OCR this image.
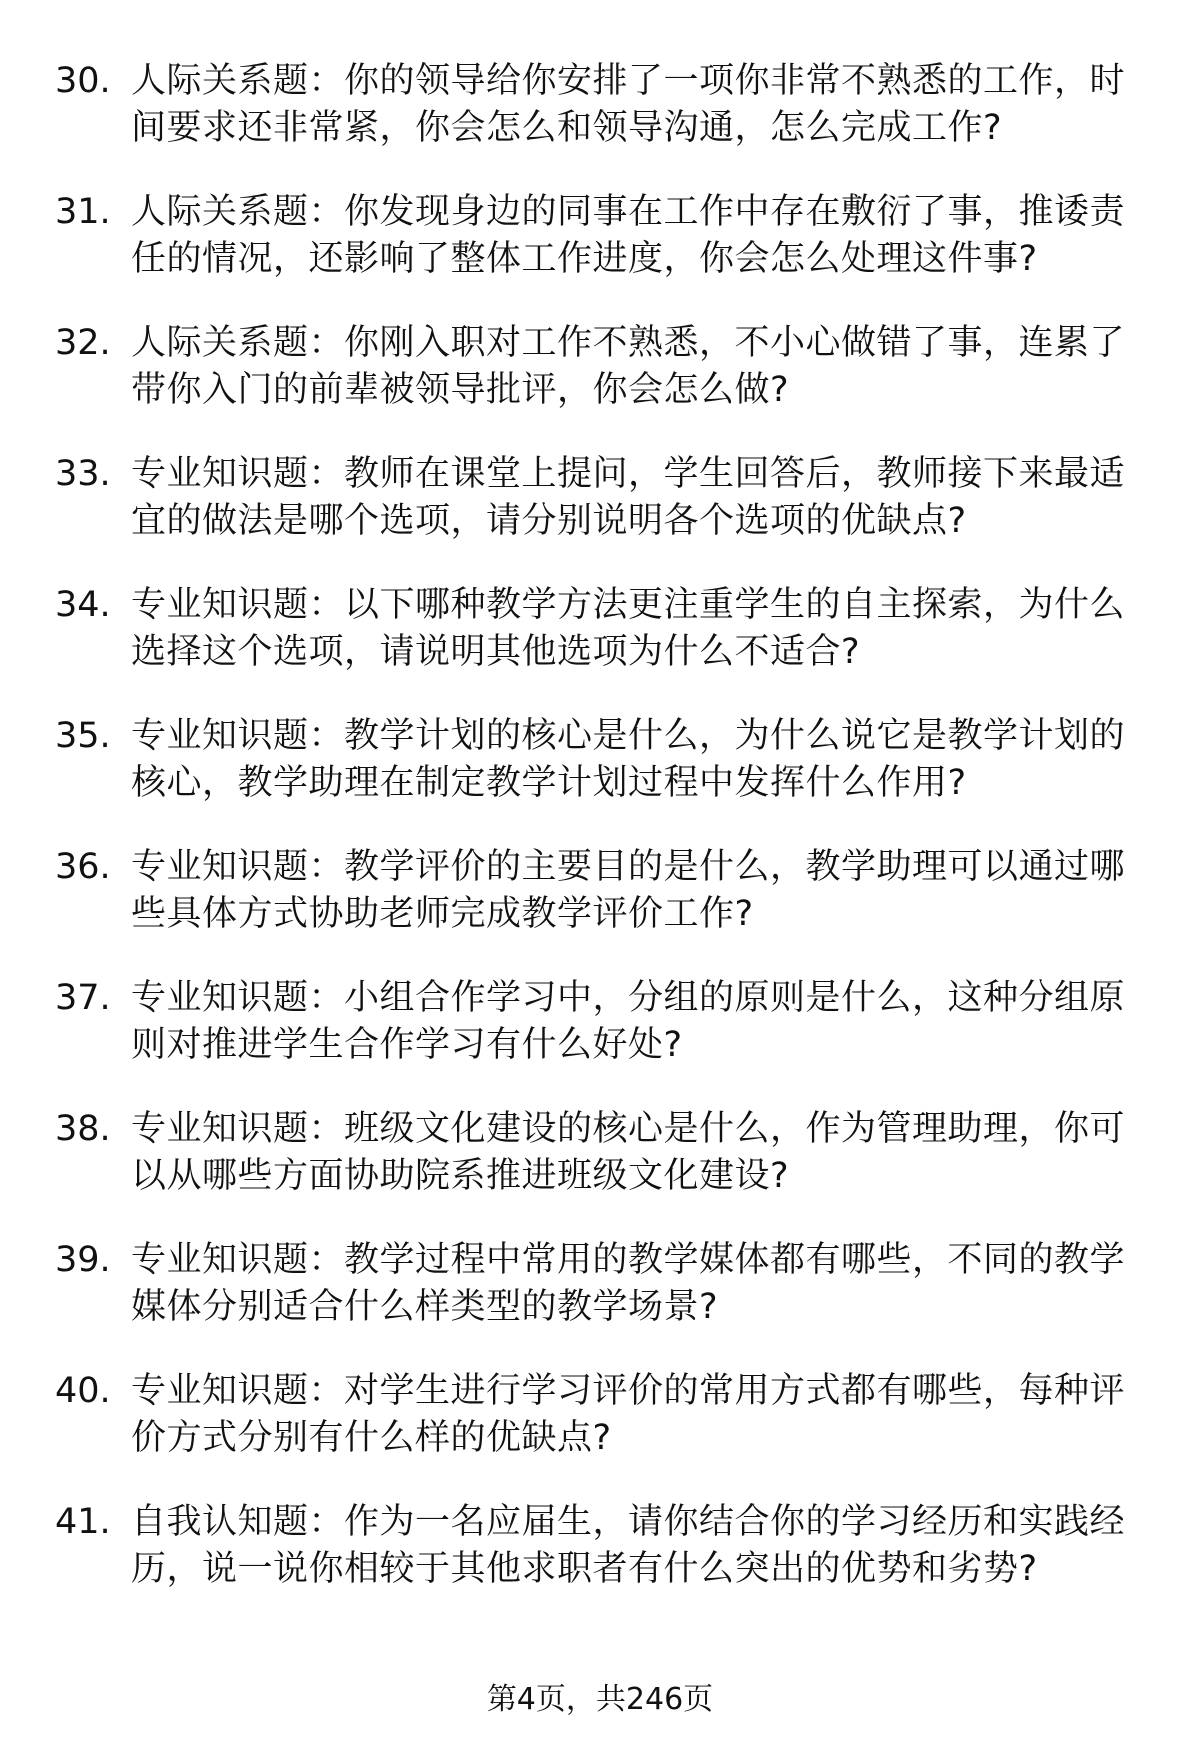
30. 人际关系题：你的领导给你安排了一项你非常不熟悉的工作，时间要求还非常紧，你会怎么和领导沟通，怎么完成工作?
31. 人际关系题：你发现身边的同事在工作中存在敷衍了事，推诿责任的情况，还影响了整体工作进度，你会怎么处理这件事?
32. 人际关系题：你刚入职对工作不熟悉，不小心做错了事，连累了带你入门的前辈被领导批评，你会怎么做?
33. 专业知识题：教师在课堂上提问，学生回答后，教师接下来最适宜的做法是哪个选项，请分别说明各个选项的优缺点?
34. 专业知识题：以下哪种教学方法更注重学生的自主探索，为什么选择这个选项，请说明其他选项为什么不适合?
35. 专业知识题：教学计划的核心是什么，为什么说它是教学计划的核心，教学助理在制定教学计划过程中发挥什么作用?
36. 专业知识题：教学评价的主要目的是什么，教学助理可以通过哪些具体方式协助老师完成教学评价工作?
37. 专业知识题：小组合作学习中，分组的原则是什么，这种分组原则对推进学生合作学习有什么好处?
38. 专业知识题：班级文化建设的核心是什么，作为管理助理，你可以从哪些方面协助院系推进班级文化建设?
39. 专业知识题：教学过程中常用的教学媒体都有哪些，不同的教学媒体分别适合什么样类型的教学场景?
40. 专业知识题：对学生进行学习评价的常用方式都有哪些，每种评价方式分别有什么样的优缺点?
41. 自我认知题：作为一名应届生，请你结合你的学习经历和实践经历，说一说你相较于其他求职者有什么突出的优势和劣势?
第4页，共246页
